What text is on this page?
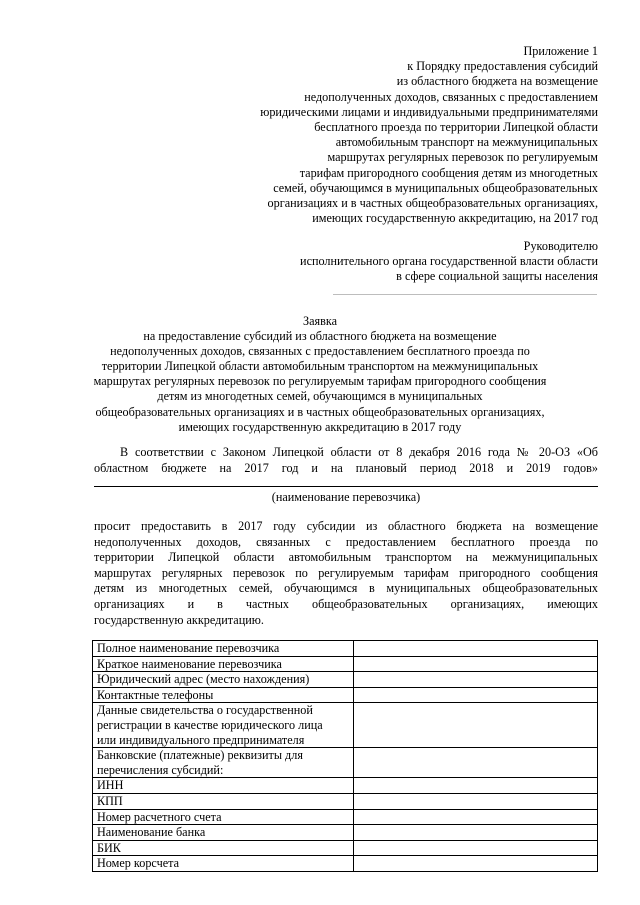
Приложение 1
к Порядку предоставления субсидий
из областного бюджета на возмещение
недополученных доходов, связанных с предоставлением
юридическими лицами и индивидуальными предпринимателями
бесплатного проезда по территории Липецкой области
автомобильным транспорт на межмуниципальных
маршрутах регулярных перевозок по регулируемым
тарифам пригородного сообщения детям из многодетных
семей, обучающимся в муниципальных общеобразовательных
организациях и в частных общеобразовательных организациях,
имеющих государственную аккредитацию, на 2017 год
Руководителю
исполнительного органа государственной власти области
в сфере социальной защиты населения
Заявка
на предоставление субсидий из областного бюджета на возмещение
недополученных доходов, связанных с предоставлением бесплатного проезда по
территории Липецкой области автомобильным транспортом на межмуниципальных
маршрутах регулярных перевозок по регулируемым тарифам пригородного сообщения
детям из многодетных семей, обучающимся в муниципальных
общеобразовательных организациях и в частных общеобразовательных организациях,
имеющих государственную аккредитацию в 2017 году
В соответствии с Законом Липецкой области от 8 декабря 2016 года № 20-ОЗ «Об
областном бюджете на 2017 год и на плановый период 2018 и 2019 годов»
(наименование перевозчика)
просит предоставить в 2017 году субсидии из областного бюджета на возмещение
недополученных доходов, связанных с предоставлением бесплатного проезда по
территории Липецкой области автомобильным транспортом на межмуниципальных
маршрутах регулярных перевозок по регулируемым тарифам пригородного сообщения
детям из многодетных семей, обучающимся в муниципальных общеобразовательных
организациях и в частных общеобразовательных организациях, имеющих
государственную аккредитацию.
Полное наименование перевозчика	

Краткое наименование перевозчика	

Юридический адрес (место нахождения)	

Контактные телефоны	

Данные свидетельства о государственной
регистрации в качестве юридического лица
или индивидуального предпринимателя	

Банковские (платежные) реквизиты для
перечисления субсидий:	

ИНН	

КПП	

Номер расчетного счета	

Наименование банка	

БИК	

Номер корсчета	
